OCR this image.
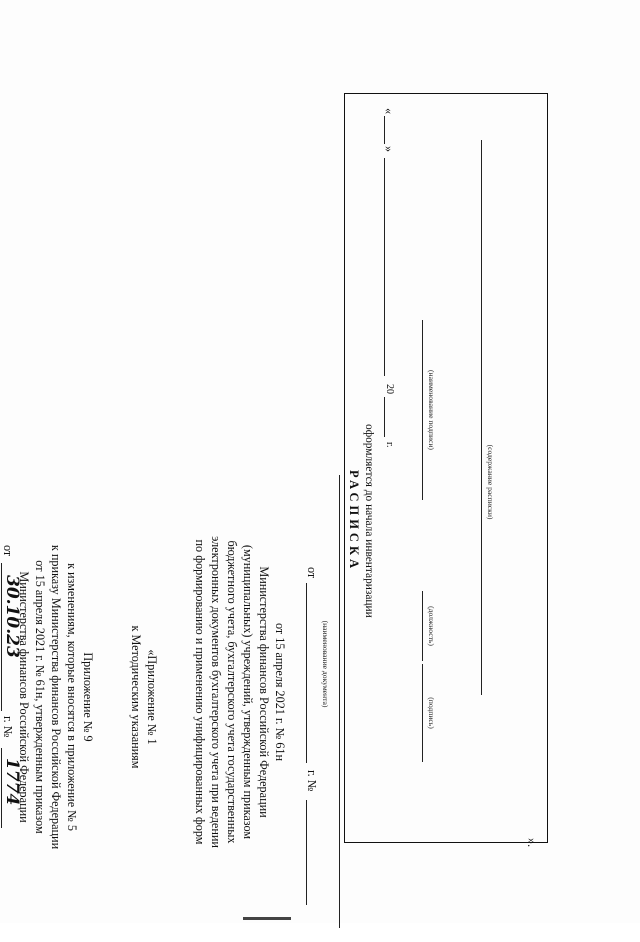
Приложение № 9
к изменениям, которые вносятся в приложение № 5
к приказу Министерства финансов Российской Федерации
от 15 апреля 2021 г. № 61н, утвержденным приказом
Министерства финансов Российской Федерации
от
30.10.23
г. №
1774
«Приложение № 1
к Методическим указаниям	по формированию и применению унифицированных форм электронных документов бухгалтерского учета при ведении бюджетного учета, бухгалтерского учета государственных (муниципальных) учреждений, утвержденным приказом Министерства финансов Российской Федерации от 15 апреля 2021 г. № 61н	(наименование документа)
от
г. №
РАСПИСКА оформляется до начала инвентаризации	(содержание расписки)
(наименование подписи)
(должность)
(подпись)
«
»
20
г.
».
